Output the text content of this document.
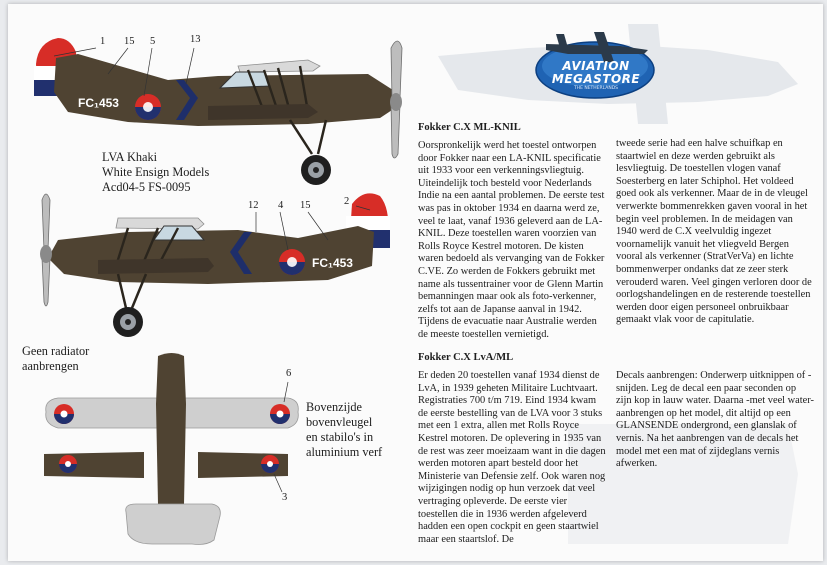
AVIATION
MEGASTORE
THE NETHERLANDS
FC₁453
FC₁453
1 15 5	13
12 4 15	2
6
3
LVA Khaki
White Ensign Models
Acd04-5 FS-0095
Geen radiator
aanbrengen
Bovenzijde
bovenvleugel
en stabilo's in
aluminium verf
Fokker C.X ML-KNIL
Oorspronkelijk werd het toestel ontworpen door Fokker naar een LA-KNIL specificatie uit 1933 voor een verkenningsvliegtuig. Uiteindelijk toch besteld voor Nederlands Indie na een aantal problemen. De eerste test was pas in oktober 1934 en daarna werd ze, veel te laat, vanaf 1936 geleverd aan de LA-KNIL. Deze toestellen waren voorzien van Rolls Royce Kestrel motoren. De kisten waren bedoeld als vervanging van de Fokker C.VE. Zo werden de Fokkers gebruikt met name als tussentrainer voor de Glenn Martin bemanningen maar ook als foto-verkenner, zelfs tot aan de Japanse aanval in 1942. Tijdens de evacuatie naar Australie werden de meeste toestellen vernietigd.
tweede serie had een halve schuifkap en staartwiel en deze werden gebruikt als lesvliegtuig. De toestellen vlogen vanaf Soesterberg en later Schiphol. Het voldeed goed ook als verkenner. Maar de in de vleugel verwerkte bommenrekken gaven vooral in het begin veel problemen. In de meidagen van 1940 werd de C.X veelvuldig ingezet voornamelijk vanuit het vliegveld Bergen vooral als verkenner (StratVerVa) en lichte bommenwerper ondanks dat ze zeer sterk verouderd waren. Veel gingen verloren door de oorlogshandelingen en de resterende toestellen werden door eigen personeel onbruikbaar gemaakt vlak voor de capitulatie.
Fokker C.X LvA/ML
Er deden 20 toestellen vanaf 1934 dienst de LvA, in 1939 geheten Militaire Luchtvaart. Registraties 700 t/m 719. Eind 1934 kwam de eerste bestelling van de LVA voor 3 stuks met een 1 extra, allen met Rolls Royce Kestrel motoren. De oplevering in 1935 van de rest was zeer moeizaam want in die dagen werden motoren apart besteld door het Ministerie van Defensie zelf. Ook waren nog wijzigingen nodig op hun verzoek dat veel vertraging opleverde. De eerste vier toestellen die in 1936 werden afgeleverd hadden een open cockpit en geen staartwiel maar een staartslof. De
Decals aanbrengen: Onderwerp uitknippen of -snijden. Leg de decal een paar seconden op zijn kop in lauw water. Daarna -met veel water- aanbrengen op het model, dit altijd op een GLANSENDE ondergrond, een glanslak of vernis. Na het aanbrengen van de decals het model met een mat of zijdeglans vernis afwerken.
